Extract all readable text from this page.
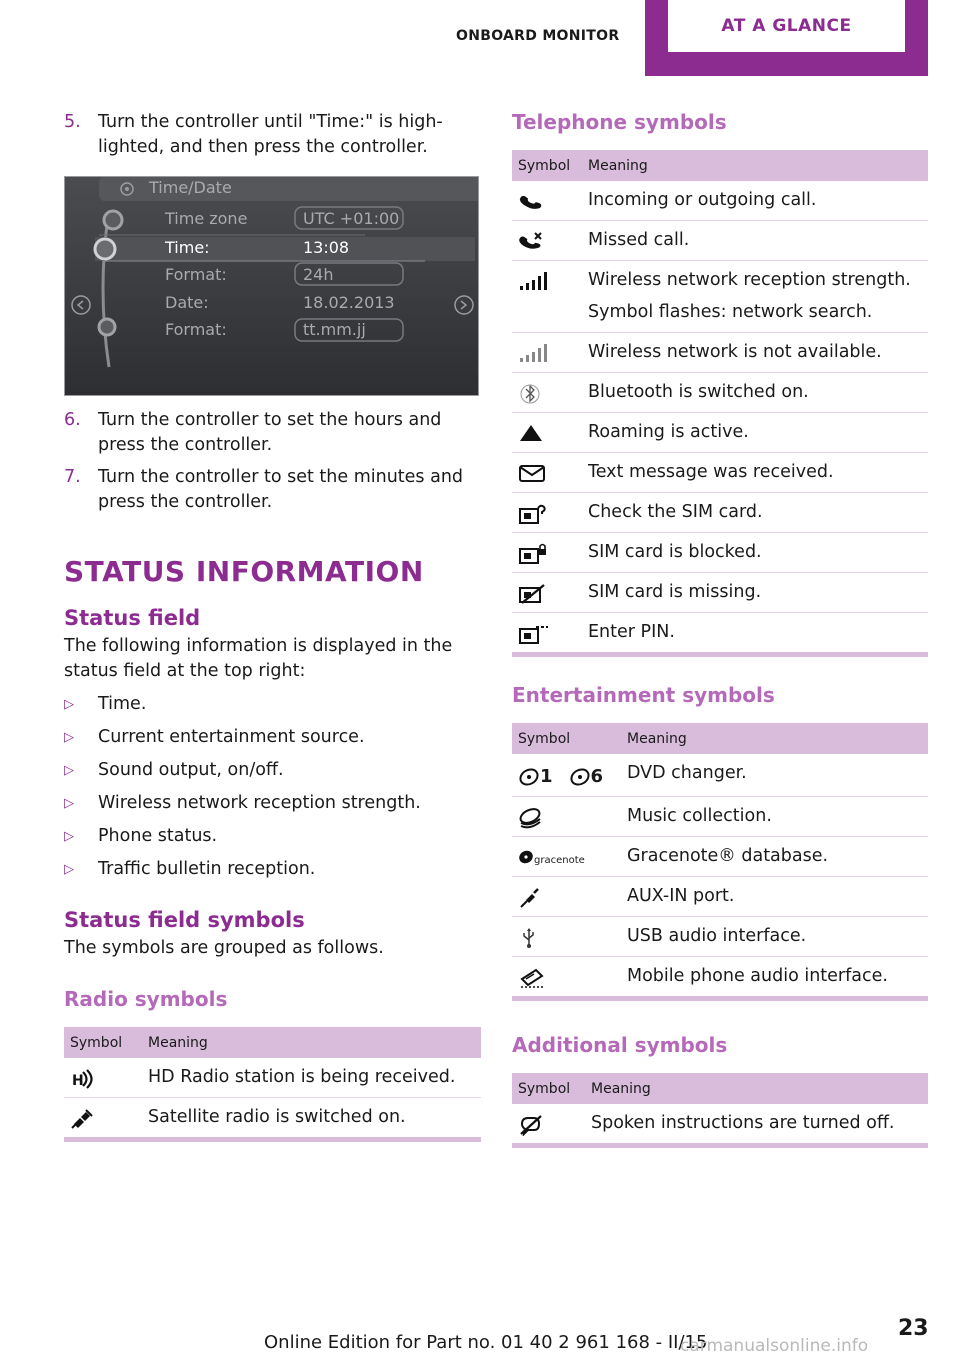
ONBOARD MONITOR	AT A GLANCE
5. Turn the controller until "Time:" is high‐lighted, and then press the controller.
Time/Date
Time zone	UTC +01:00
Time:	13:08
Format:	24h
Date:	18.02.2013
Format:	tt.mm.jj
6. Turn the controller to set the hours and press the controller.
7. Turn the controller to set the minutes and press the controller.
STATUS INFORMATION
Status field
The following information is displayed in the status field at the top right:
▷	Time.
▷	Current entertainment source.
▷	Sound output, on/off.
▷	Wireless network reception strength.
▷	Phone status.
▷	Traffic bulletin reception.
Status field symbols
The symbols are grouped as follows.
Radio symbols
Symbol	Meaning

H	HD Radio station is being received.

	Satellite radio is switched on.
Telephone symbols
Symbol	Meaning

	Incoming or outgoing call.

	Missed call.

	Wireless network reception strength.
Symbol flashes: network search.

	Wireless network is not available.

	Bluetooth is switched on.

	Roaming is active.

	Text message was received.

	Check the SIM card.

	SIM card is blocked.

	SIM card is missing.

	Enter PIN.
Entertainment symbols
Symbol	Meaning

1 6	DVD changer.

	Music collection.

gracenote	Gracenote® database.

	AUX-IN port.

	USB audio interface.

	Mobile phone audio interface.
Additional symbols
Symbol	Meaning

	Spoken instructions are turned off.
Online Edition for Part no. 01 40 2 961 168 - II/15
23
carmanualsonline.info
